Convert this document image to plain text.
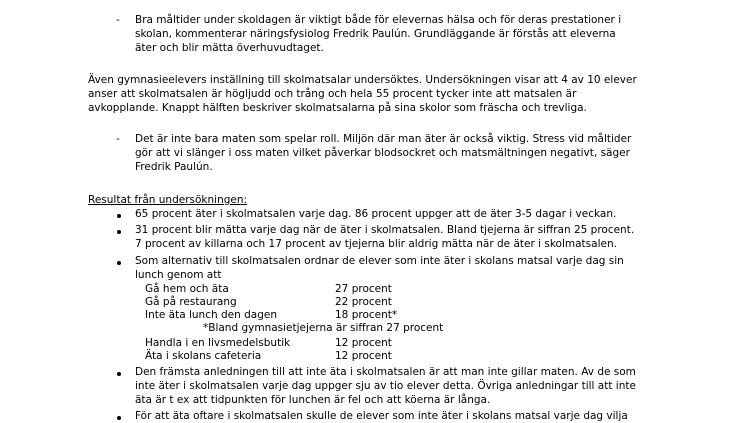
- Bra måltider under skoldagen är viktigt både för elevernas hälsa och för deras prestationer i
skolan, kommenterar näringsfysiolog Fredrik Paulún. Grundläggande är förstås att eleverna
äter och blir mätta överhuvudtaget.
Även gymnasieelevers inställning till skolmatsalar undersöktes. Undersökningen visar att 4 av 10 elever
anser att skolmatsalen är höglju​dd och trång och hela 55 procent tycker inte att matsalen är
avkopplande. Knappt hälften beskriver skolmatsalarna på sina skolor som fräscha och trevliga.
- Det är inte bara maten som spelar roll. Miljön där man äter är också viktig. Stress vid måltider
gör att vi slänger i oss maten vilket påverkar blodsockret och matsmältningen negativt, säger
Fredrik Paulún.
Resultat från undersökningen:
65 procent äter i skolmatsalen varje dag. 86 procent uppger att de äter 3-5 dagar i veckan.
31 procent blir mätta varje dag när de äter i skolmatsalen. Bland tjejerna är siffran 25 procent.
7 procent av killarna och 17 procent av tjejerna blir aldrig mätta när de äter i skolmatsalen.
Som alternativ till skolmatsalen ordnar de elever som inte äter i skolans matsal varje dag sin
lunch genom att
Gå hem och äta	27 procent
Gå på restaurang	22 procent
Inte äta lunch den dagen	18 procent*
*Bland gymnasietjejerna är siffran 27 procent
Handla i en livsmedelsbutik	12 procent
Äta i skolans cafeteria	12 procent
Den främsta anledningen till att inte äta i skolmatsalen är att man inte gillar maten. Av de som
inte äter i skolmatsalen varje dag uppger sju av tio elever detta. Övriga anledningar till att inte
äta är t ex att tidpunkten för lunchen är fel och att köerna är långa.
För att äta oftare i skolmatsalen skulle de elever som inte äter i skolans matsal varje dag vilja
